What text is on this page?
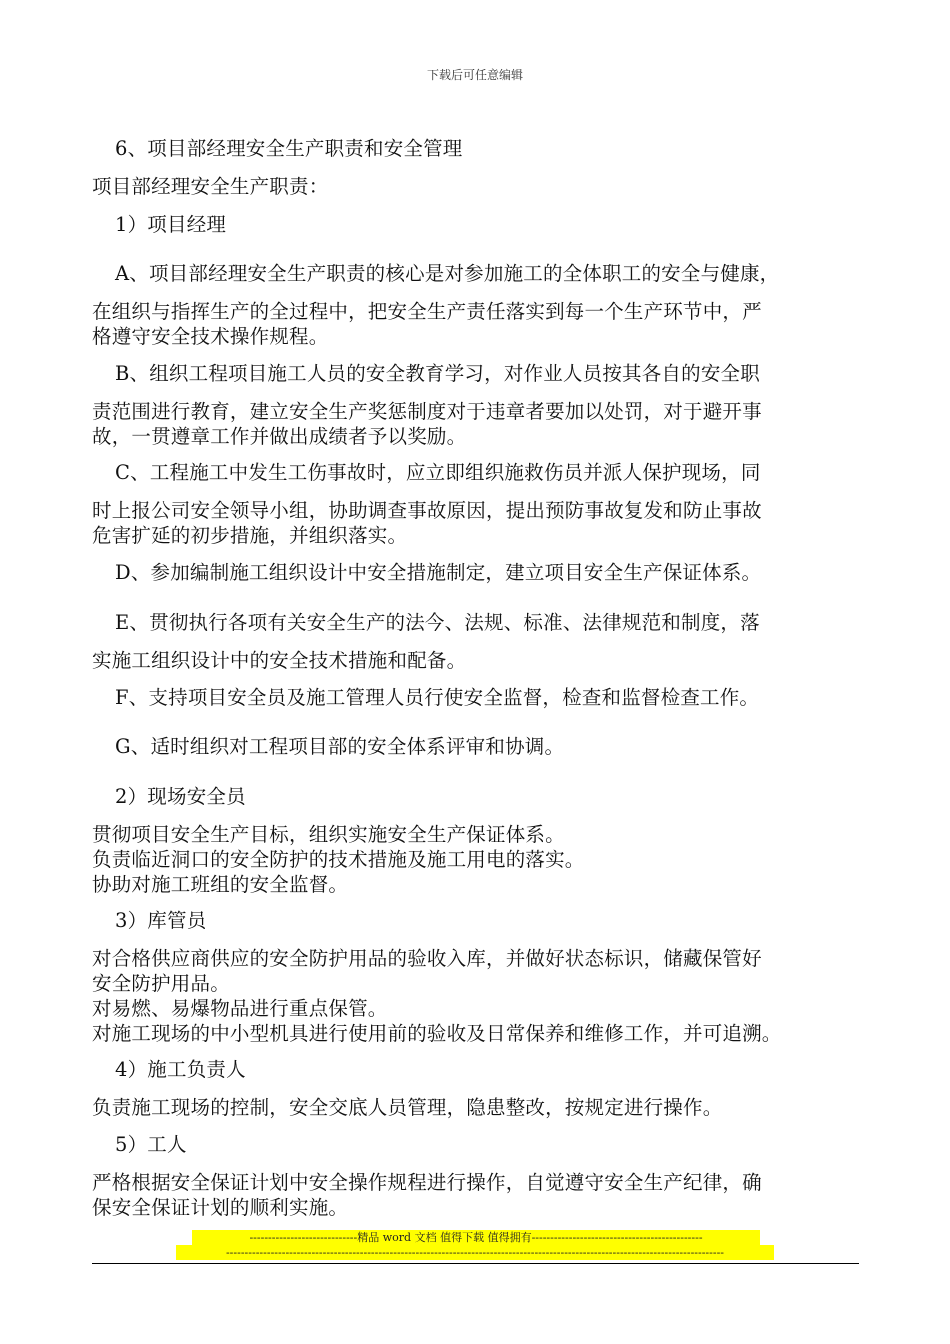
下载后可任意编辑
6、项目部经理安全生产职责和安全管理
项目部经理安全生产职责：
1）项目经理
A、项目部经理安全生产职责的核心是对参加施工的全体职工的安全与健康，
在组织与指挥生产的全过程中，把安全生产责任落实到每一个生产环节中，严
格遵守安全技术操作规程。
B、组织工程项目施工人员的安全教育学习，对作业人员按其各自的安全职
责范围进行教育，建立安全生产奖惩制度对于违章者要加以处罚，对于避开事
故，一贯遵章工作并做出成绩者予以奖励。
C、工程施工中发生工伤事故时，应立即组织施救伤员并派人保护现场，同
时上报公司安全领导小组，协助调查事故原因，提出预防事故复发和防止事故
危害扩延的初步措施，并组织落实。
D、参加编制施工组织设计中安全措施制定，建立项目安全生产保证体系。
E、贯彻执行各项有关安全生产的法今、法规、标准、法律规范和制度，落
实施工组织设计中的安全技术措施和配备。
F、支持项目安全员及施工管理人员行使安全监督，检查和监督检查工作。
G、适时组织对工程项目部的安全体系评审和协调。
2）现场安全员
贯彻项目安全生产目标，组织实施安全生产保证体系。
负责临近洞口的安全防护的技术措施及施工用电的落实。
协助对施工班组的安全监督。
3）库管员
对合格供应商供应的安全防护用品的验收入库，并做好状态标识，储藏保管好
安全防护用品。
对易燃、易爆物品进行重点保管。
对施工现场的中小型机具进行使用前的验收及日常保养和维修工作，并可追溯。
4）施工负责人
负责施工现场的控制，安全交底人员管理，隐患整改，按规定进行操作。
5）工人
严格根据安全保证计划中安全操作规程进行操作，自觉遵守安全生产纪律，确
保安全保证计划的顺利实施。
-----------------------------精品 word 文档 值得下载 值得拥有----------------------------------------------
--------------------------------------------------------------------------------------------------------------------------------------
